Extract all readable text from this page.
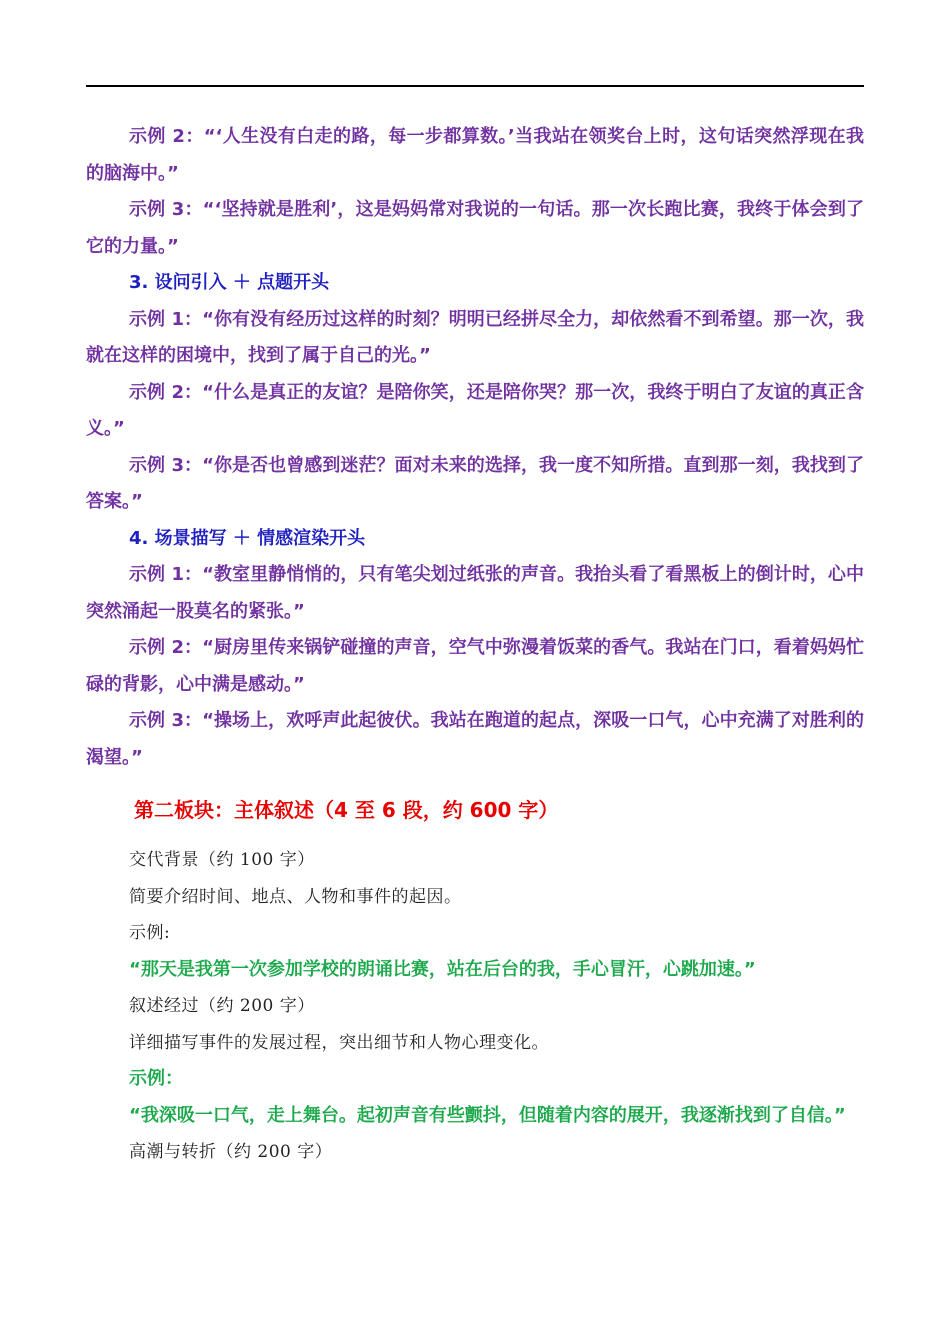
示例 2：“‘人生没有白走的路，每一步都算数。’当我站在领奖台上时，这句话突然浮现在我的脑海中。”

示例 3：“‘坚持就是胜利’，这是妈妈常对我说的一句话。那一次长跑比赛，我终于体会到了它的力量。”

3. 设问引入 ＋ 点题开头

示例 1：“你有没有经历过这样的时刻？明明已经拼尽全力，却依然看不到希望。那一次，我就在这样的困境中，找到了属于自己的光。”

示例 2：“什么是真正的友谊？是陪你笑，还是陪你哭？那一次，我终于明白了友谊的真正含义。”

示例 3：“你是否也曾感到迷茫？面对未来的选择，我一度不知所措。直到那一刻，我找到了答案。”

4. 场景描写 ＋ 情感渲染开头

示例 1：“教室里静悄悄的，只有笔尖划过纸张的声音。我抬头看了看黑板上的倒计时，心中突然涌起一股莫名的紧张。”

示例 2：“厨房里传来锅铲碰撞的声音，空气中弥漫着饭菜的香气。我站在门口，看着妈妈忙碌的背影，心中满是感动。”

示例 3：“操场上，欢呼声此起彼伏。我站在跑道的起点，深吸一口气，心中充满了对胜利的渴望。”

第二板块：主体叙述（4 至 6 段，约 600 字）

交代背景（约 100 字）

简要介绍时间、地点、人物和事件的起因。

示例:

“那天是我第一次参加学校的朗诵比赛，站在后台的我，手心冒汗，心跳加速。”

叙述经过（约 200 字）

详细描写事件的发展过程，突出细节和人物心理变化。

示例：

“我深吸一口气，走上舞台。起初声音有些颤抖，但随着内容的展开，我逐渐找到了自信。”

高潮与转折（约 200 字）
